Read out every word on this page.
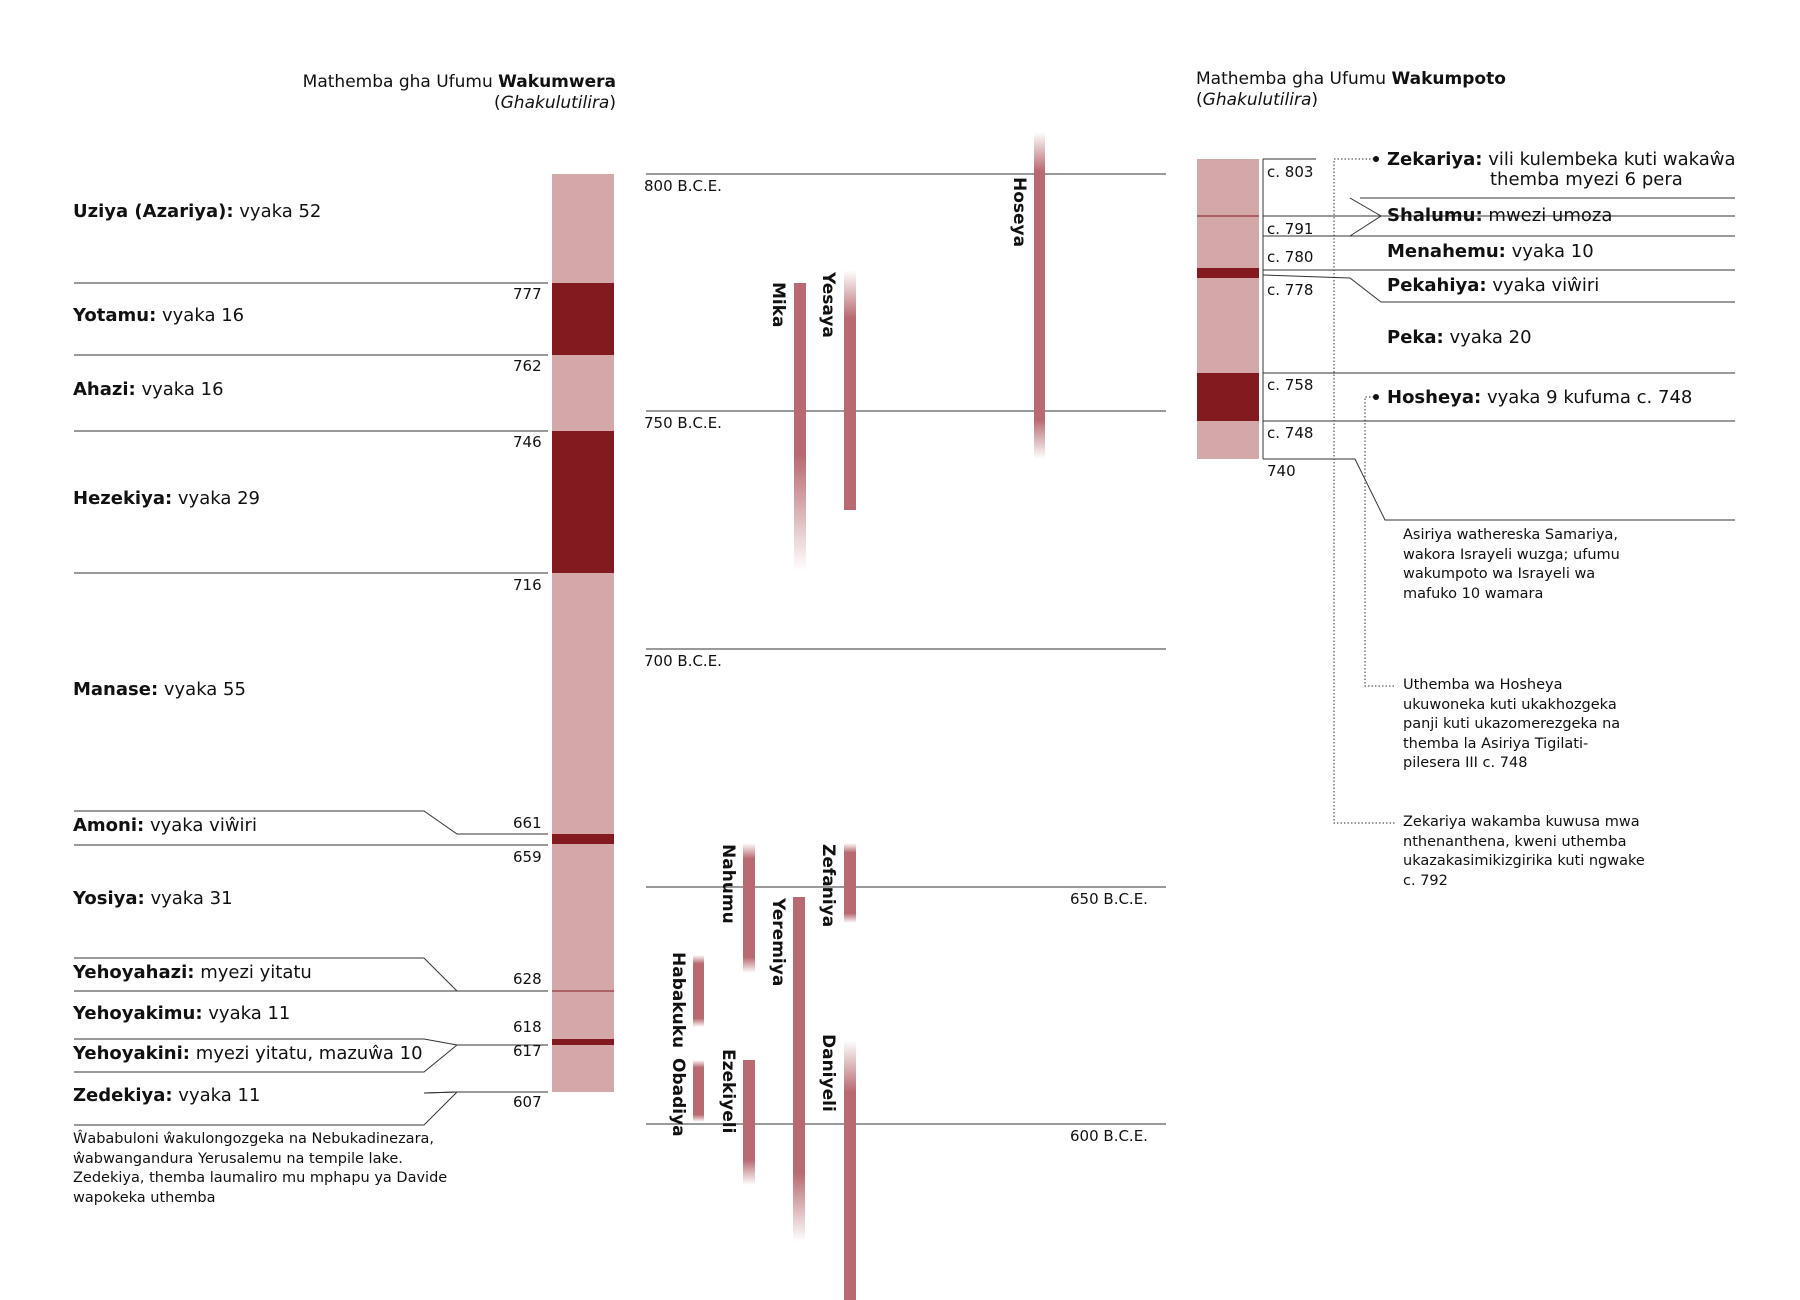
Mathemba gha Ufumu Wakumwera
(Ghakulutilira)
Mathemba gha Ufumu Wakumpoto
(Ghakulutilira)
Uziya (Azariya): vyaka 52
Yotamu: vyaka 16
Ahazi: vyaka 16
Hezekiya: vyaka 29
Manase: vyaka 55
Amoni: vyaka viŵiri
Yosiya: vyaka 31
Yehoyahazi: myezi yitatu
Yehoyakimu: vyaka 11
Yehoyakini: myezi yitatu, mazuŵa 10
Zedekiya: vyaka 11
777
762
746
716
661
659
628
618
617
607
Ŵababuloni ŵakulongozgeka na Nebukadinezara, ŵabwangandura Yerusalemu na tempile lake. Zedekiya, themba laumaliro mu mphapu ya Davide wapokeka uthemba
800 B.C.E.
750 B.C.E.
700 B.C.E.
650 B.C.E.
600 B.C.E.
Hoseya
Yesaya
Mika
Nahumu	Zefaniya
Yeremiya
Habakuku
Obadiya Ezekiyeli	Daniyeli
c. 803
c. 791
c. 780
c. 778
c. 758
c. 748
740
Zekariya: vili kulembeka kuti wakaŵa
themba myezi 6 pera
Shalumu: mwezi umoza
Menahemu: vyaka 10
Pekahiya: vyaka viŵiri
Peka: vyaka 20
Hosheya: vyaka 9 kufuma c. 748
Asiriya wathereska Samariya, wakora Israyeli wuzga; ufumu wakumpoto wa Israyeli wa mafuko 10 wamara
Uthemba wa Hosheya ukuwoneka kuti ukakhozgeka panji kuti ukazomerezgeka na themba la Asiriya Tigilati-pilesera III c. 748
Zekariya wakamba kuwusa mwa nthenanthena, kweni uthemba ukazakasimikizgirika kuti ngwake c. 792
